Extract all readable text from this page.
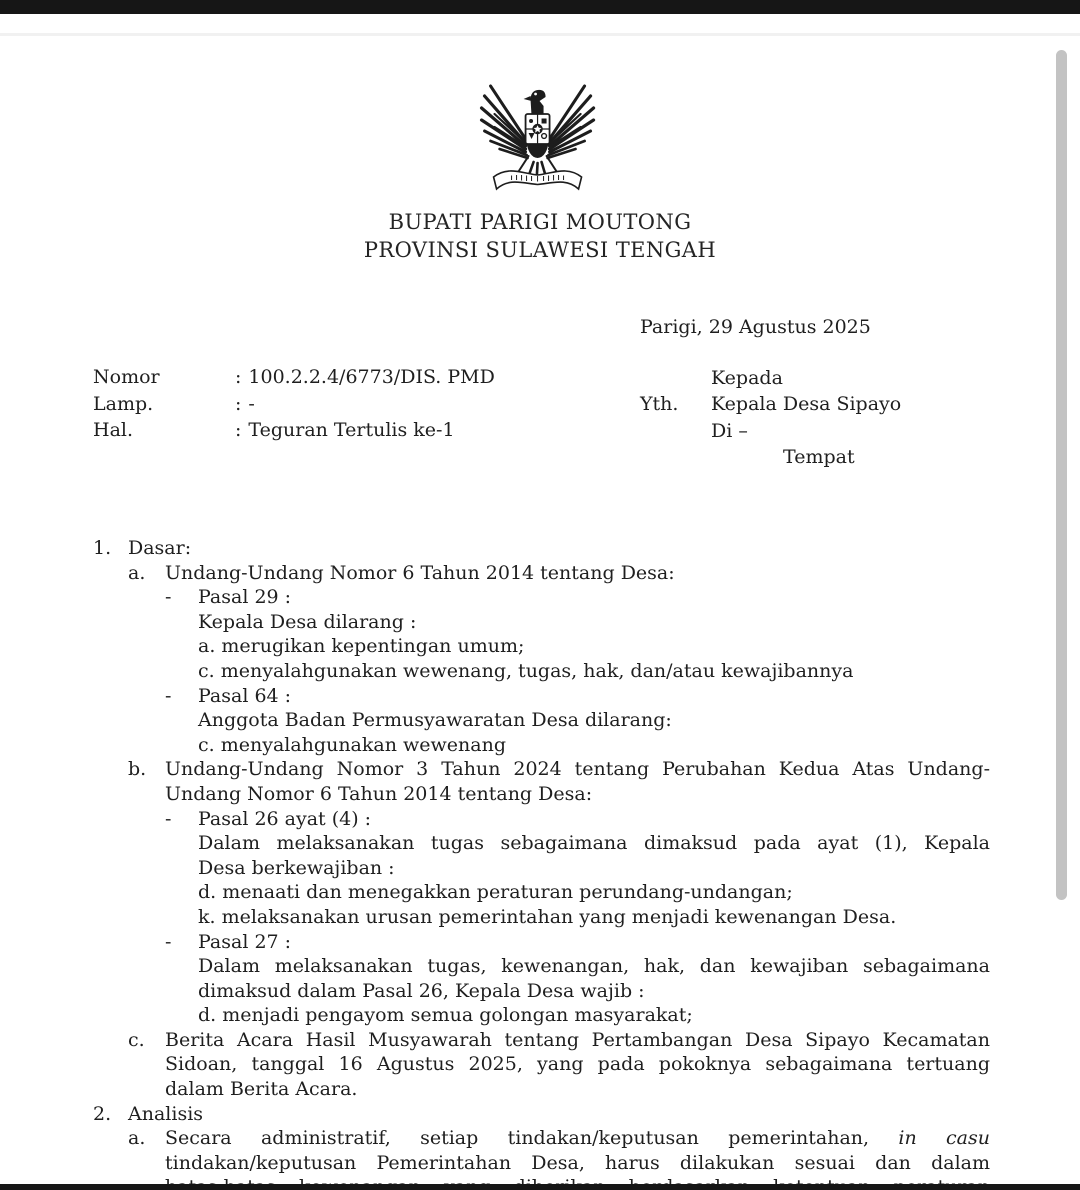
BUPATI PARIGI MOUTONG
PROVINSI SULAWESI TENGAH
Parigi, 29 Agustus 2025
Nomor	: 100.2.2.4/6773/DIS. PMD
Lamp.	: -
Hal.	: Teguran Tertulis ke-1
Kepada
Yth. Kepala Desa Sipayo
Di –
Tempat
1. Dasar:
a. Undang-Undang Nomor 6 Tahun 2014 tentang Desa:
- Pasal 29 :
Kepala Desa dilarang :
a. merugikan kepentingan umum;
c. menyalahgunakan wewenang, tugas, hak, dan/atau kewajibannya
- Pasal 64 :
Anggota Badan Permusyawaratan Desa dilarang:
c. menyalahgunakan wewenang
b. Undang-Undang Nomor 3 Tahun 2024 tentang Perubahan Kedua Atas Undang-
Undang Nomor 6 Tahun 2014 tentang Desa:
- Pasal 26 ayat (4) :
Dalam melaksanakan tugas sebagaimana dimaksud pada ayat (1), Kepala
Desa berkewajiban :
d. menaati dan menegakkan peraturan perundang-undangan;
k. melaksanakan urusan pemerintahan yang menjadi kewenangan Desa.
- Pasal 27 :
Dalam melaksanakan tugas, kewenangan, hak, dan kewajiban sebagaimana
dimaksud dalam Pasal 26, Kepala Desa wajib :
d. menjadi pengayom semua golongan masyarakat;
c. Berita Acara Hasil Musyawarah tentang Pertambangan Desa Sipayo Kecamatan
Sidoan, tanggal 16 Agustus 2025, yang pada pokoknya sebagaimana tertuang
dalam Berita Acara.
2. Analisis
a. Secara administratif, setiap tindakan/keputusan pemerintahan, in casu
tindakan/keputusan Pemerintahan Desa, harus dilakukan sesuai dan dalam
